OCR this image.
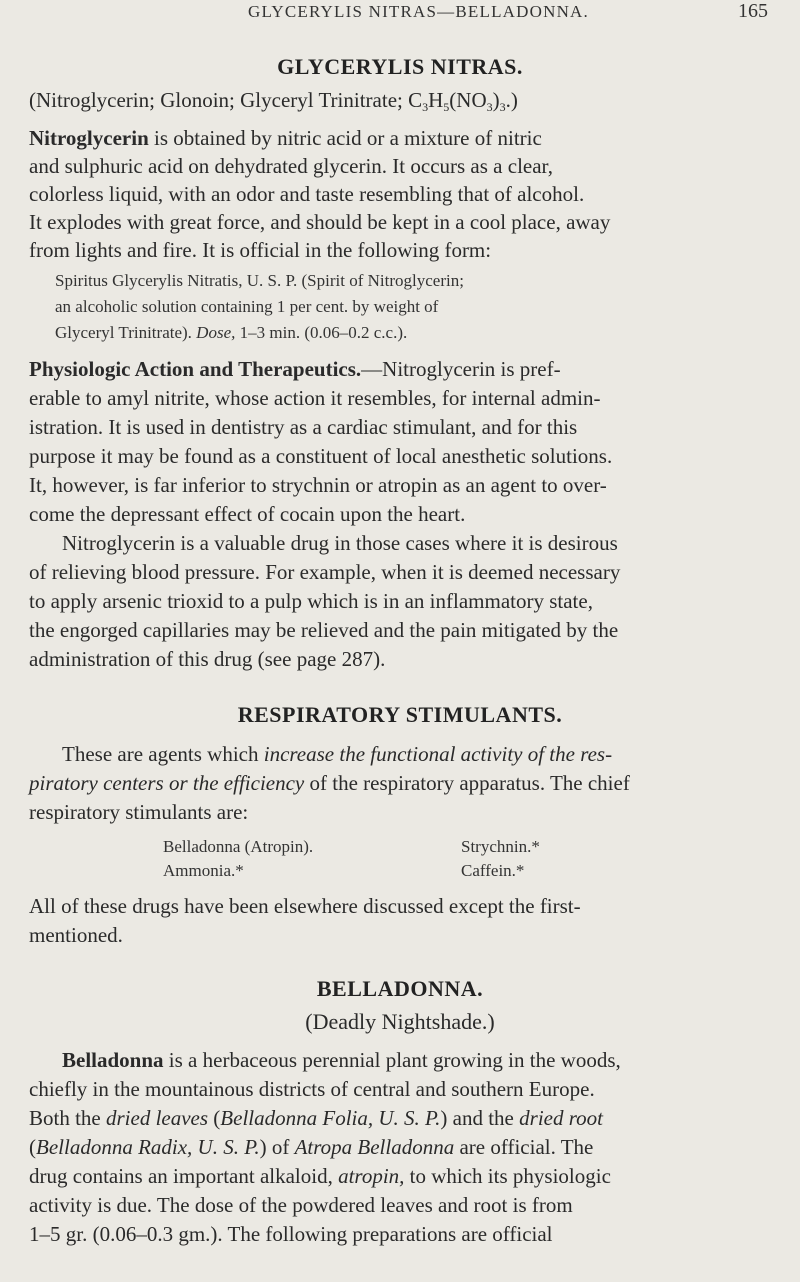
GLYCERYLIS NITRAS—BELLADONNA.	165
GLYCERYLIS NITRAS.
(Nitroglycerin; Glonoin; Glyceryl Trinitrate; $C_3H_5(NO_3)_3$.)
Nitroglycerin is obtained by nitric acid or a mixture of nitric
and sulphuric acid on dehydrated glycerin. It occurs as a clear,
colorless liquid, with an odor and taste resembling that of alcohol.
It explodes with great force, and should be kept in a cool place, away
from lights and fire. It is official in the following form:
Spiritus Glycerylis Nitratis, U. S. P. (Spirit of Nitroglycerin;
an alcoholic solution containing 1 per cent. by weight of
Glyceryl Trinitrate). Dose, 1–3 min. (0.06–0.2 c.c.).
Physiologic Action and Therapeutics.—Nitroglycerin is pref-
erable to amyl nitrite, whose action it resembles, for internal admin-
istration. It is used in dentistry as a cardiac stimulant, and for this
purpose it may be found as a constituent of local anesthetic solutions.
It, however, is far inferior to strychnin or atropin as an agent to over-
come the depressant effect of cocain upon the heart.
Nitroglycerin is a valuable drug in those cases where it is desirous
of relieving blood pressure. For example, when it is deemed necessary
to apply arsenic trioxid to a pulp which is in an inflammatory state,
the engorged capillaries may be relieved and the pain mitigated by the
administration of this drug (see page 287).
RESPIRATORY STIMULANTS.
These are agents which increase the functional activity of the res-
piratory centers or the efficiency of the respiratory apparatus. The chief
respiratory stimulants are:
Belladonna (Atropin).	Strychnin.*
Ammonia.*	Caffein.*
All of these drugs have been elsewhere discussed except the first-
mentioned.
BELLADONNA.
(Deadly Nightshade.)
Belladonna is a herbaceous perennial plant growing in the woods,
chiefly in the mountainous districts of central and southern Europe.
Both the dried leaves (Belladonna Folia, U. S. P.) and the dried root
(Belladonna Radix, U. S. P.) of Atropa Belladonna are official. The
drug contains an important alkaloid, atropin, to which its physiologic
activity is due. The dose of the powdered leaves and root is from
1–5 gr. (0.06–0.3 gm.). The following preparations are official
